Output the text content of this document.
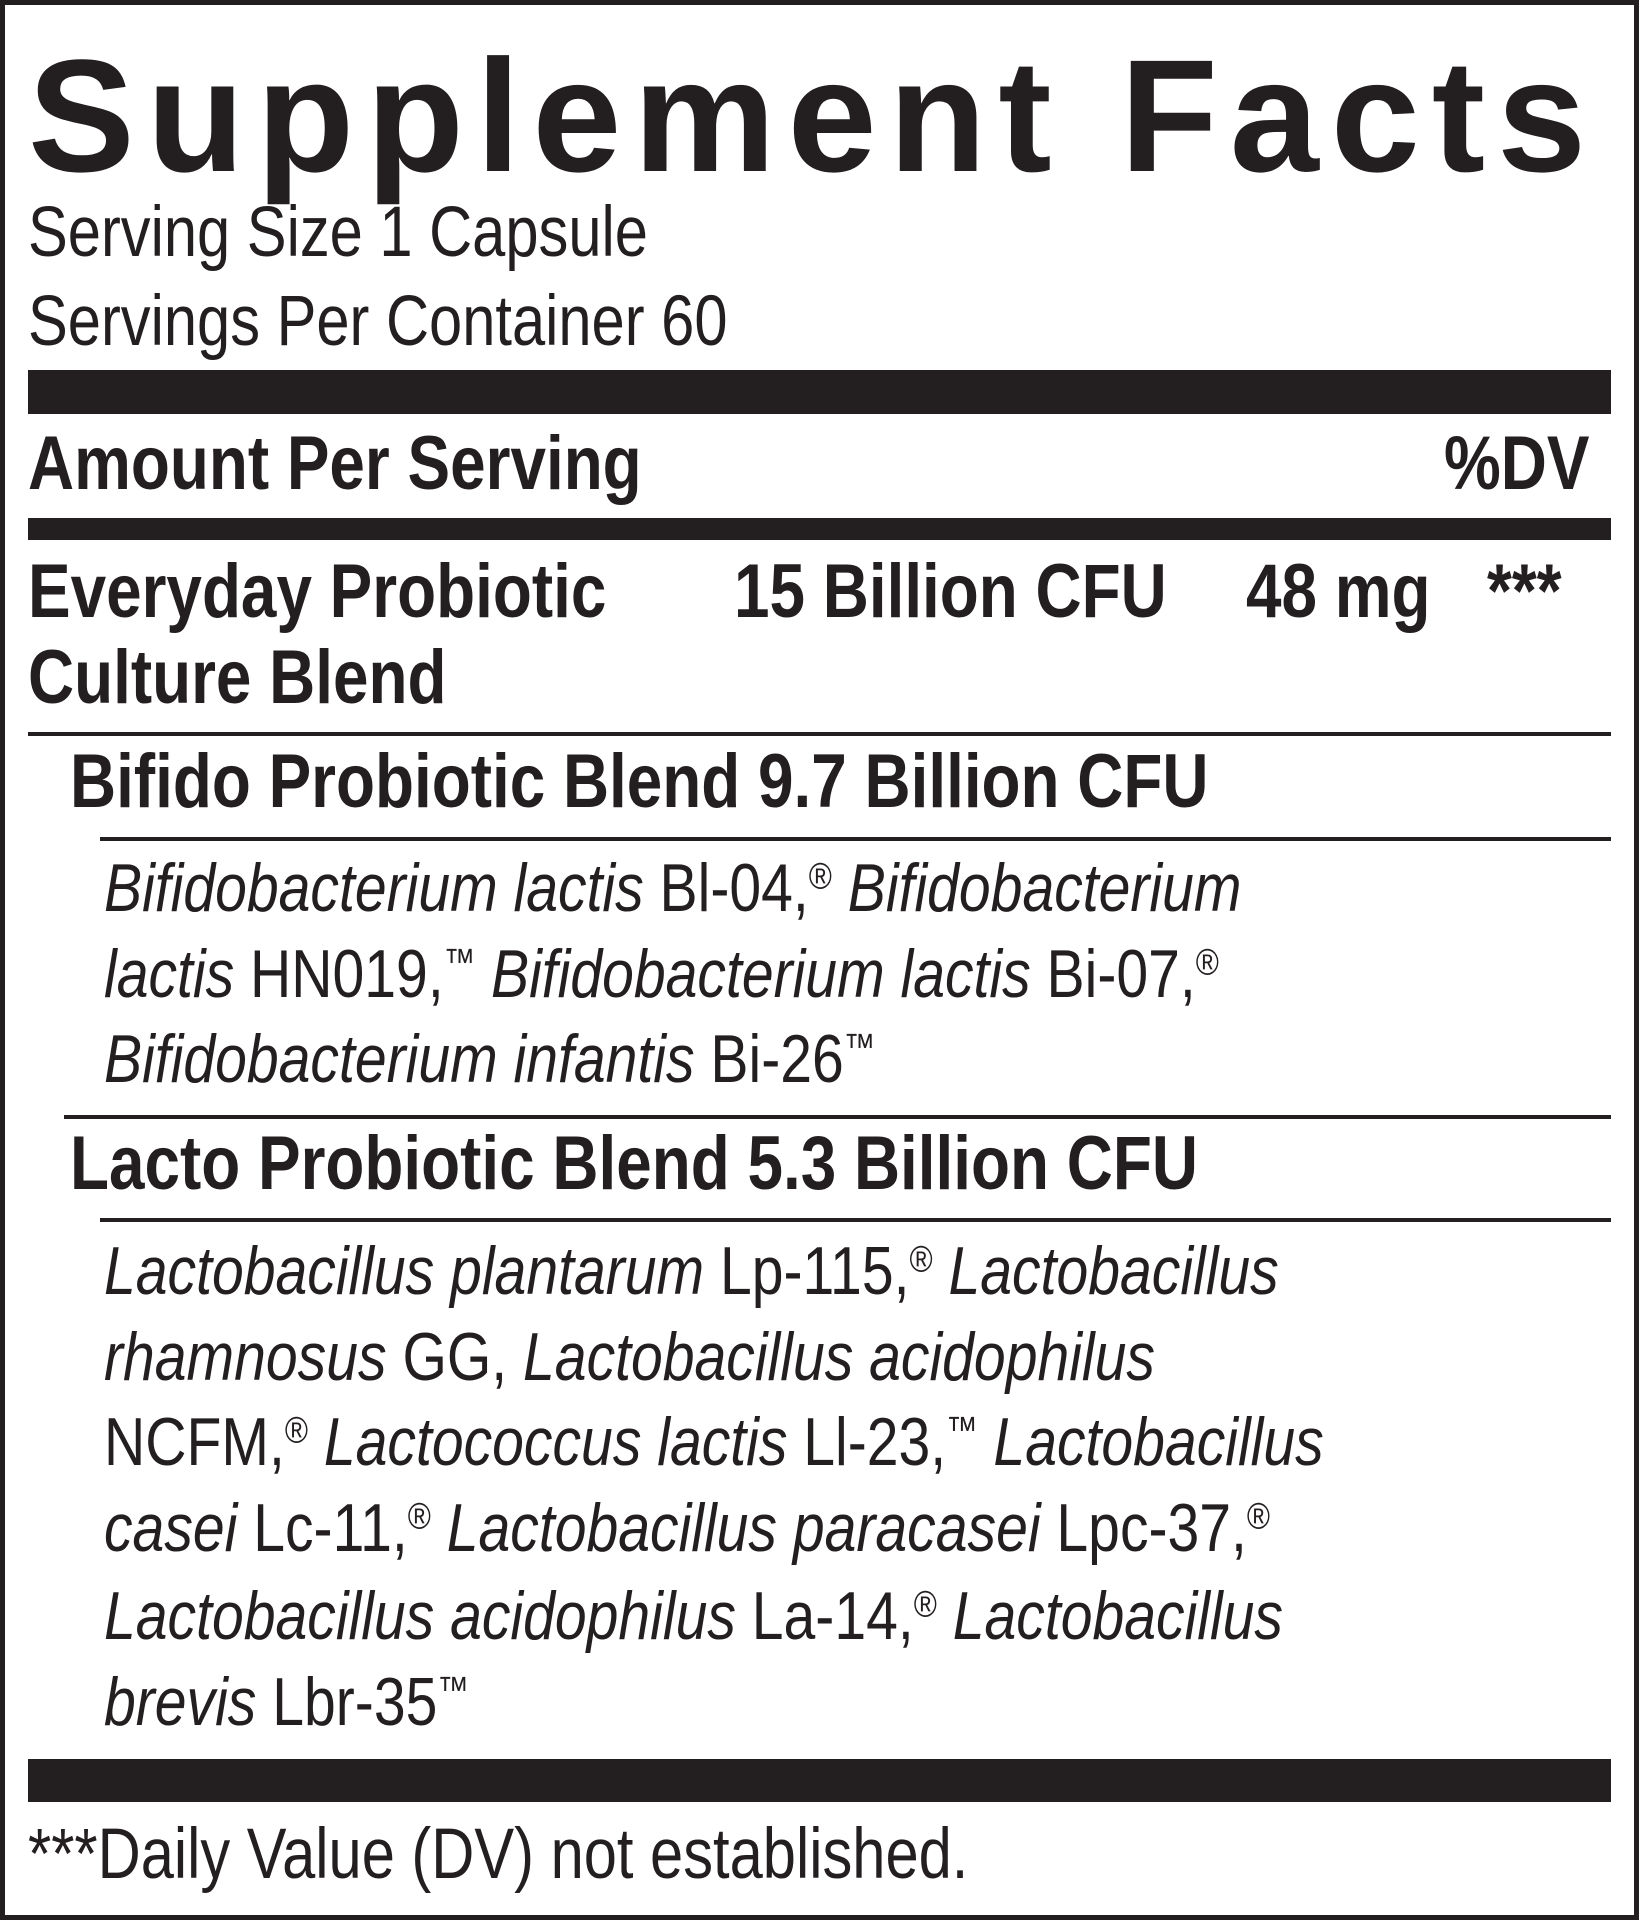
Supplement Facts
Serving Size 1 Capsule
Servings Per Container 60
Amount Per Serving	%DV
Everyday Probiotic
Culture Blend
15 Billion CFU 48 mg ***
Bifido Probiotic Blend 9.7 Billion CFU
Bifidobacterium lactis Bl-04,® Bifidobacterium
lactis HN019,™ Bifidobacterium lactis Bi-07,®
Bifidobacterium infantis Bi-26™
Lacto Probiotic Blend 5.3 Billion CFU
Lactobacillus plantarum Lp-115,® Lactobacillus
rhamnosus GG, Lactobacillus acidophilus
NCFM,® Lactococcus lactis Ll-23,™ Lactobacillus
casei Lc-11,® Lactobacillus paracasei Lpc-37,®
Lactobacillus acidophilus La-14,® Lactobacillus
brevis Lbr-35™
***Daily Value (DV) not established.
